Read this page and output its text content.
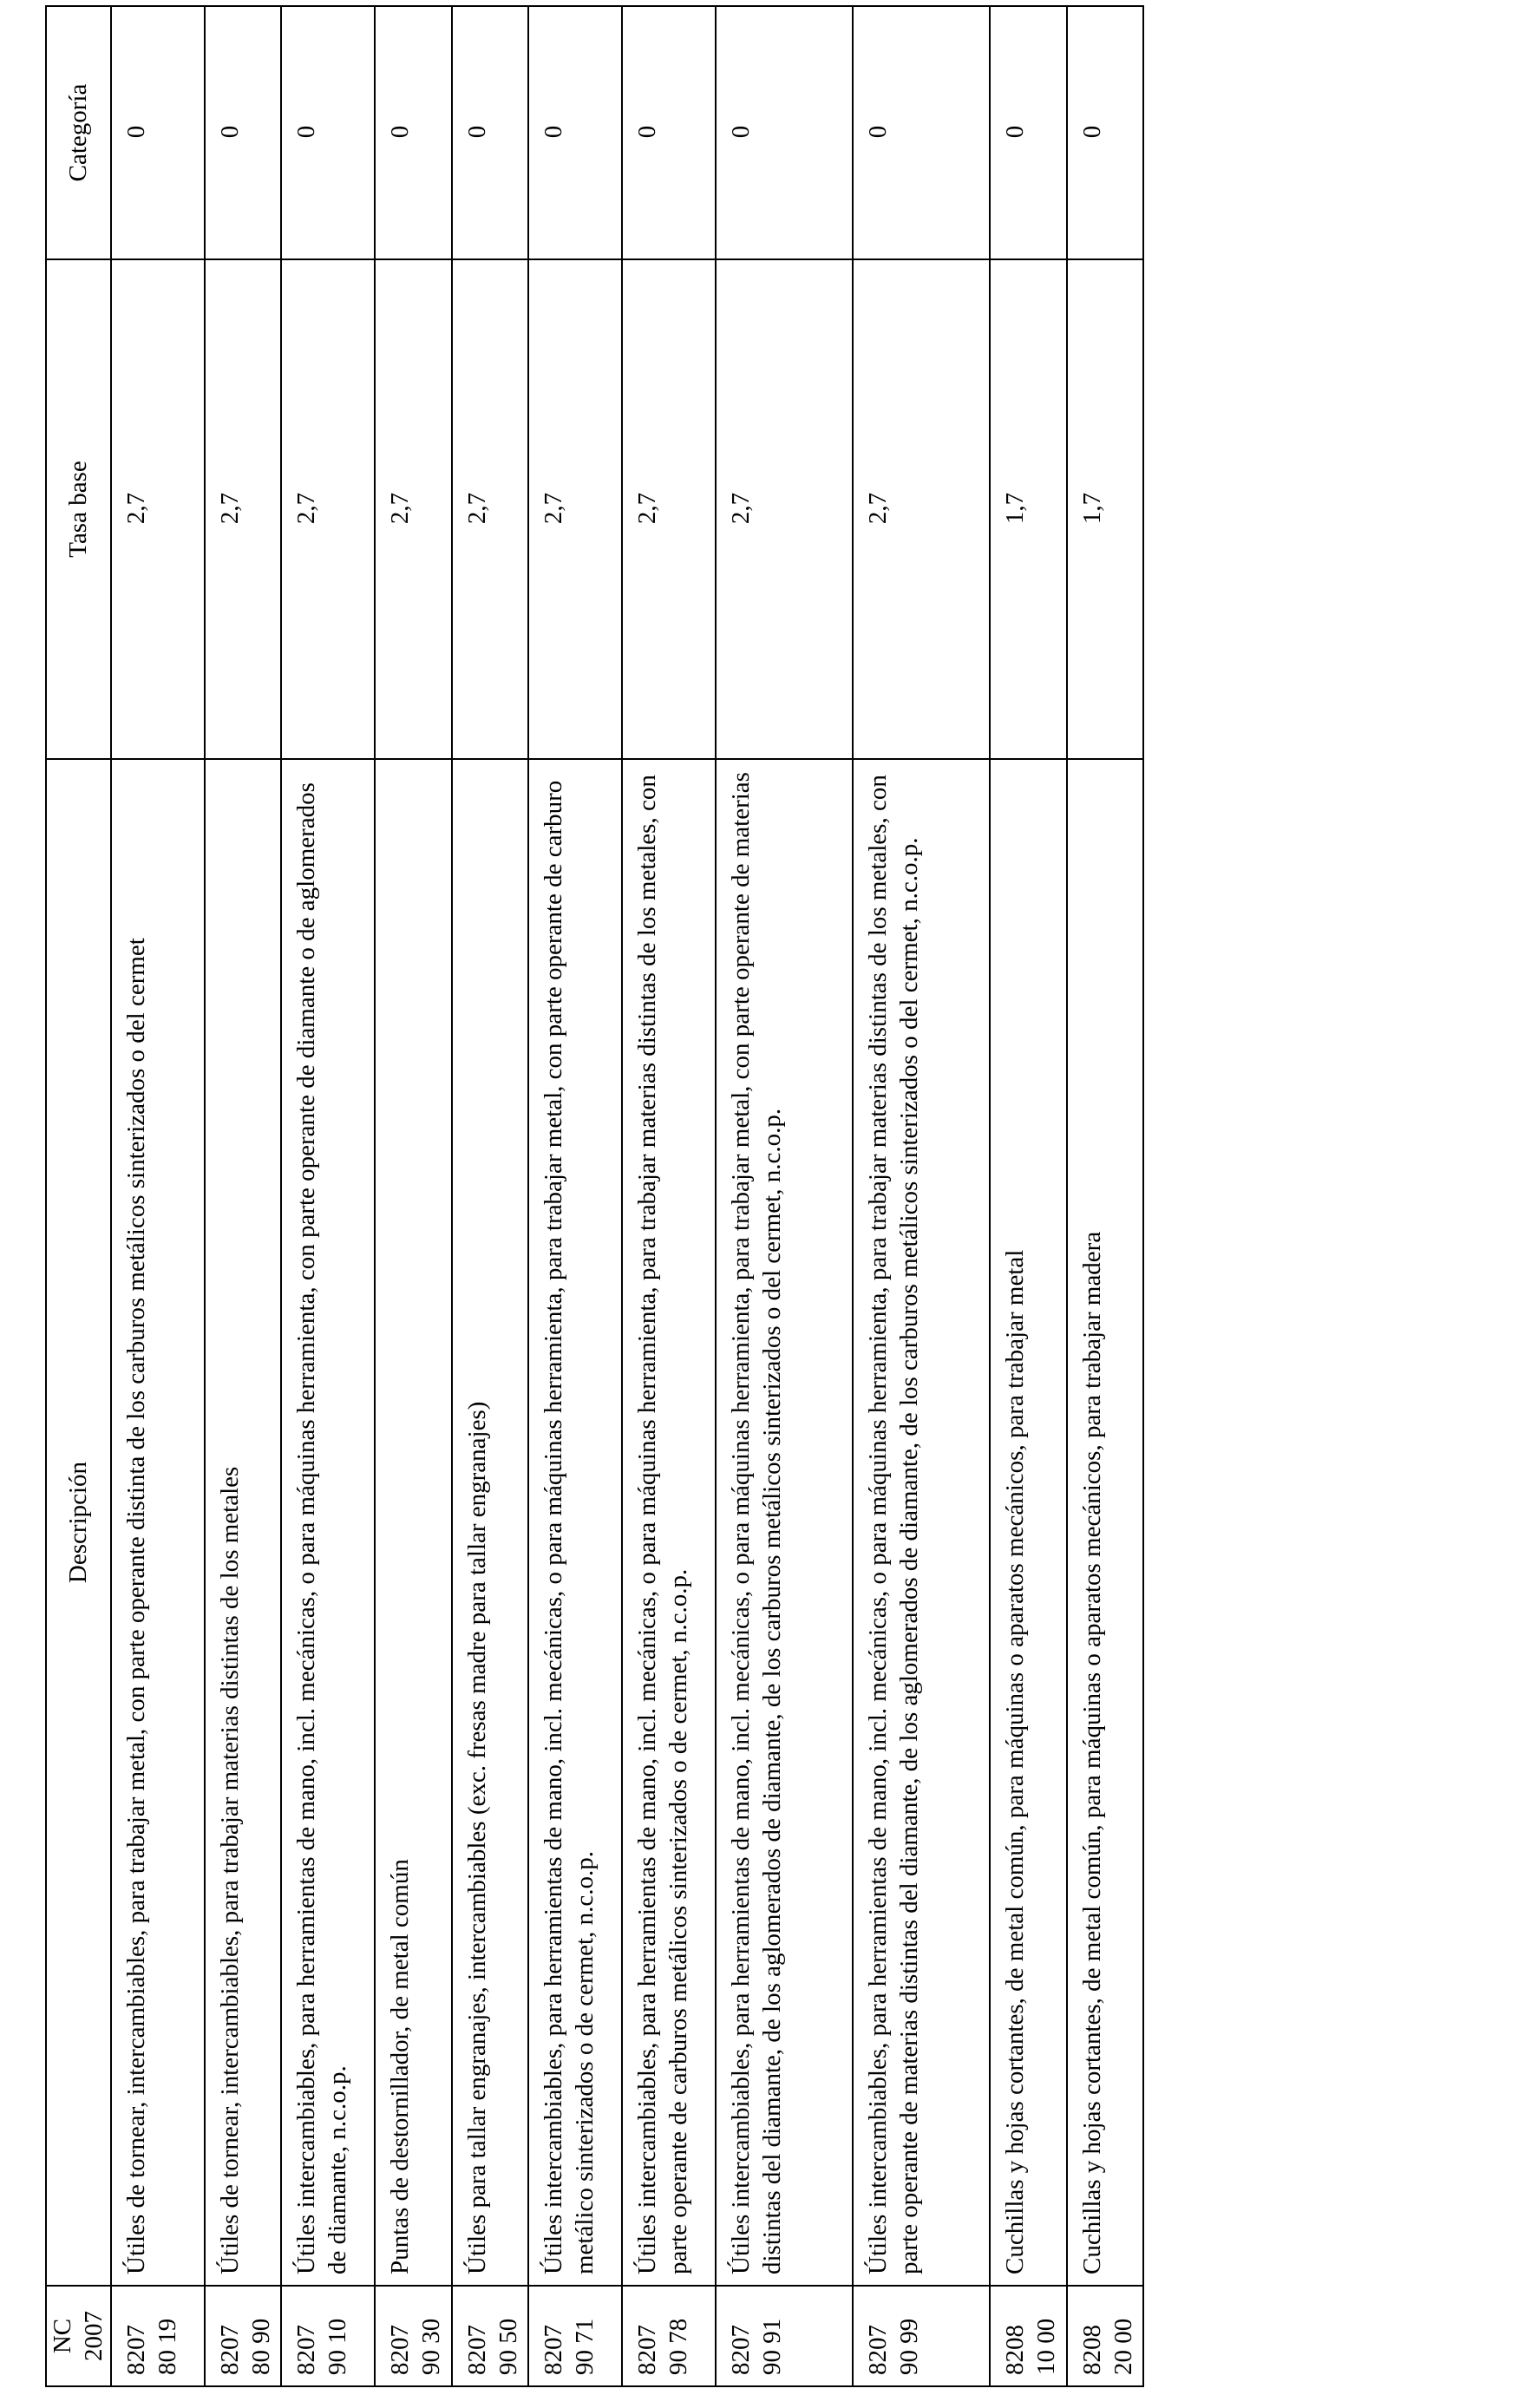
NC 2007	Descripción	Tasa base	Categoría
8207 80 19	Útiles de tornear, intercambiables, para trabajar metal, con parte operante distinta de los carburos metálicos sinterizados o del cermet	2,7	0
8207 80 90	Útiles de tornear, intercambiables, para trabajar materias distintas de los metales	2,7	0
8207 90 10	Útiles intercambiables, para herramientas de mano, incl. mecánicas, o para máquinas herramienta, con parte operante de diamante o de aglomerados de diamante, n.c.o.p.	2,7	0
8207 90 30	Puntas de destornillador, de metal común	2,7	0
8207 90 50	Útiles para tallar engranajes, intercambiables (exc. fresas madre para tallar engranajes)	2,7	0
8207 90 71	Útiles intercambiables, para herramientas de mano, incl. mecánicas, o para máquinas herramienta, para trabajar metal, con parte operante de carburo metálico sinterizados o de cermet, n.c.o.p.	2,7	0
8207 90 78	Útiles intercambiables, para herramientas de mano, incl. mecánicas, o para máquinas herramienta, para trabajar materias distintas de los metales, con parte operante de carburos metálicos sinterizados o de cermet, n.c.o.p.	2,7	0
8207 90 91	Útiles intercambiables, para herramientas de mano, incl. mecánicas, o para máquinas herramienta, para trabajar metal, con parte operante de materias distintas del diamante, de los aglomerados de diamante, de los carburos metálicos sinterizados o del cermet, n.c.o.p.	2,7	0
8207 90 99	Útiles intercambiables, para herramientas de mano, incl. mecánicas, o para máquinas herramienta, para trabajar materias distintas de los metales, con parte operante de materias distintas del diamante, de los aglomerados de diamante, de los carburos metálicos sinterizados o del cermet, n.c.o.p.	2,7	0
8208 10 00	Cuchillas y hojas cortantes, de metal común, para máquinas o aparatos mecánicos, para trabajar metal	1,7	0
8208 20 00	Cuchillas y hojas cortantes, de metal común, para máquinas o aparatos mecánicos, para trabajar madera	1,7	0
